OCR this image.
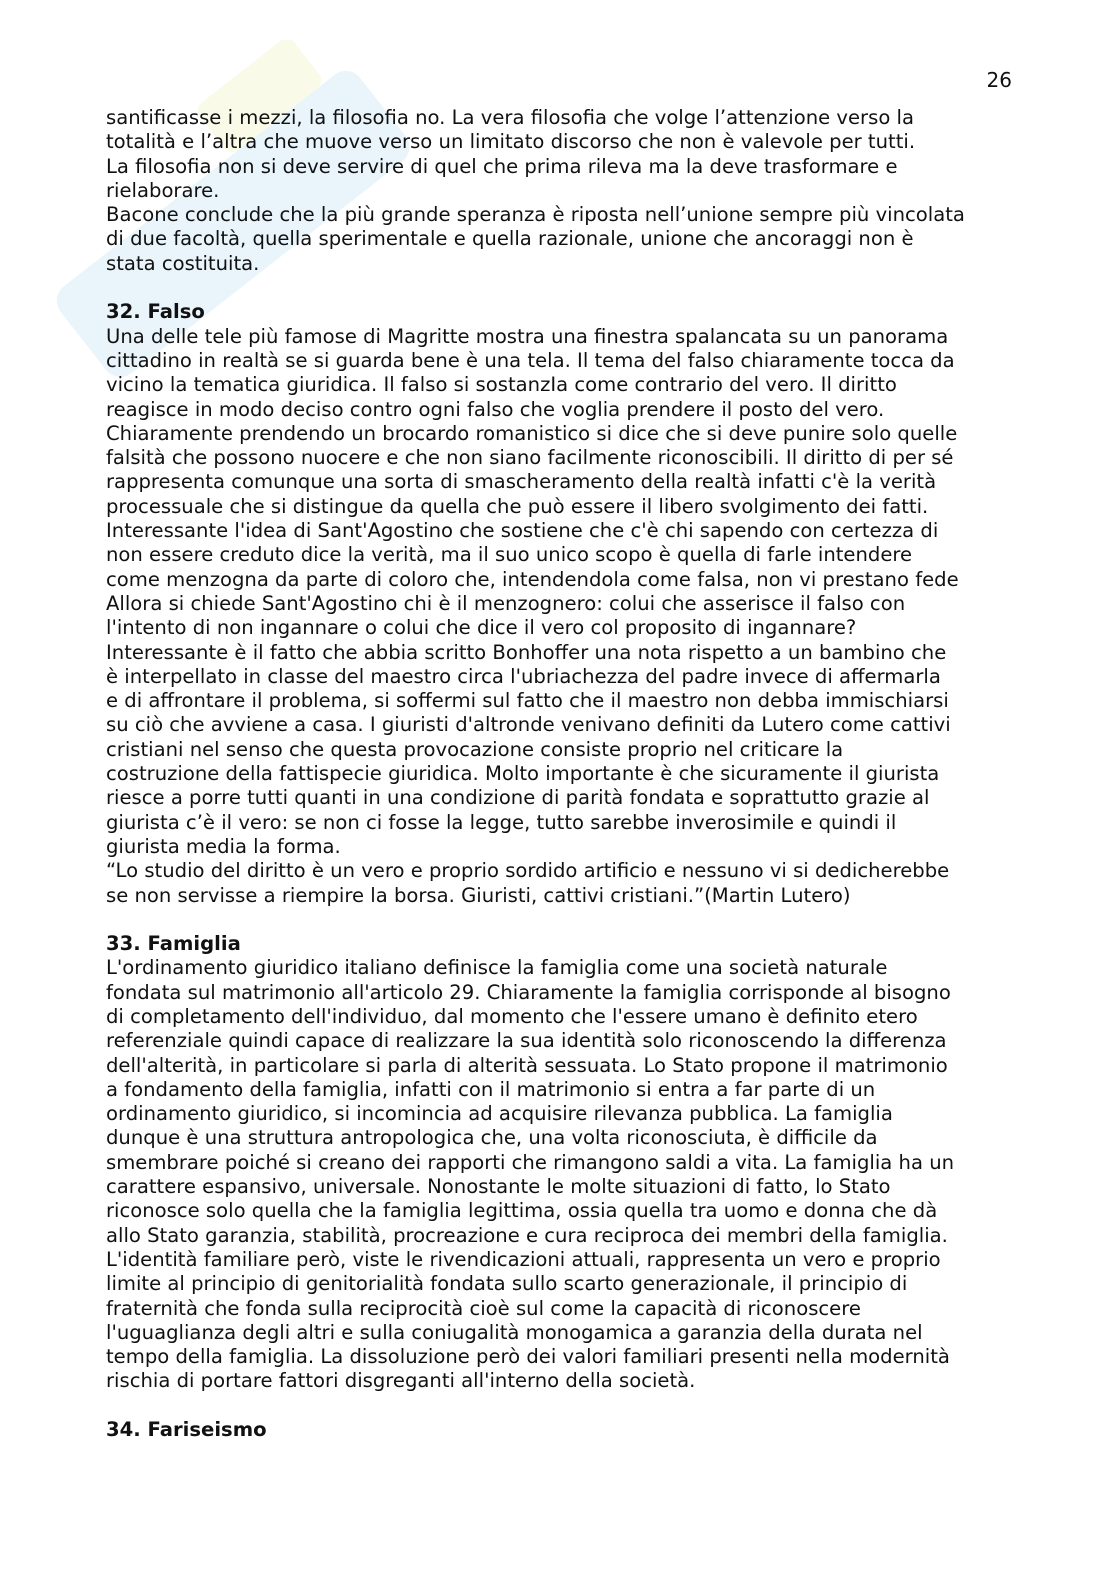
26

santificasse i mezzi, la filosofia no. La vera filosofia che volge l’attenzione verso la
totalità e l’altra che muove verso un limitato discorso che non è valevole per tutti.
La filosofia non si deve servire di quel che prima rileva ma la deve trasformare e
rielaborare.

Bacone conclude che la più grande speranza è riposta nell’unione sempre più vincolata
di due facoltà, quella sperimentale e quella razionale, unione che ancoraggi non è
stata costituita.

32. Falso

Una delle tele più famose di Magritte mostra una finestra spalancata su un panorama
cittadino in realtà se si guarda bene è una tela. Il tema del falso chiaramente tocca da
vicino la tematica giuridica. Il falso si sostanzIa come contrario del vero. Il diritto
reagisce in modo deciso contro ogni falso che voglia prendere il posto del vero.
Chiaramente prendendo un brocardo romanistico si dice che si deve punire solo quelle
falsità che possono nuocere e che non siano facilmente riconoscibili. Il diritto di per sé
rappresenta comunque una sorta di smascheramento della realtà infatti c'è la verità
processuale che si distingue da quella che può essere il libero svolgimento dei fatti.
Interessante l'idea di Sant'Agostino che sostiene che c'è chi sapendo con certezza di
non essere creduto dice la verità, ma il suo unico scopo è quella di farle intendere
come menzogna da parte di coloro che, intendendola come falsa, non vi prestano fede
Allora si chiede Sant'Agostino chi è il menzognero: colui che asserisce il falso con
l'intento di non ingannare o colui che dice il vero col proposito di ingannare?
Interessante è il fatto che abbia scritto Bonhoffer una nota rispetto a un bambino che
è interpellato in classe del maestro circa l'ubriachezza del padre invece di affermarla
e di affrontare il problema, si soffermi sul fatto che il maestro non debba immischiarsi
su ciò che avviene a casa. I giuristi d'altronde venivano definiti da Lutero come cattivi
cristiani nel senso che questa provocazione consiste proprio nel criticare la
costruzione della fattispecie giuridica. Molto importante è che sicuramente il giurista
riesce a porre tutti quanti in una condizione di parità fondata e soprattutto grazie al
giurista c’è il vero: se non ci fosse la legge, tutto sarebbe inverosimile e quindi il
giurista media la forma.

“Lo studio del diritto è un vero e proprio sordido artificio e nessuno vi si dedicherebbe
se non servisse a riempire la borsa. Giuristi, cattivi cristiani.”(Martin Lutero)

33. Famiglia

L'ordinamento giuridico italiano definisce la famiglia come una società naturale
fondata sul matrimonio all'articolo 29. Chiaramente la famiglia corrisponde al bisogno
di completamento dell'individuo, dal momento che l'essere umano è definito etero
referenziale quindi capace di realizzare la sua identità solo riconoscendo la differenza
dell'alterità, in particolare si parla di alterità sessuata. Lo Stato propone il matrimonio
a fondamento della famiglia, infatti con il matrimonio si entra a far parte di un
ordinamento giuridico, si incomincia ad acquisire rilevanza pubblica. La famiglia
dunque è una struttura antropologica che, una volta riconosciuta, è difficile da
smembrare poiché si creano dei rapporti che rimangono saldi a vita. La famiglia ha un
carattere espansivo, universale. Nonostante le molte situazioni di fatto, lo Stato
riconosce solo quella che la famiglia legittima, ossia quella tra uomo e donna che dà
allo Stato garanzia, stabilità, procreazione e cura reciproca dei membri della famiglia.
L'identità familiare però, viste le rivendicazioni attuali, rappresenta un vero e proprio
limite al principio di genitorialità fondata sullo scarto generazionale, il principio di
fraternità che fonda sulla reciprocità cioè sul come la capacità di riconoscere
l'uguaglianza degli altri e sulla coniugalità monogamica a garanzia della durata nel
tempo della famiglia. La dissoluzione però dei valori familiari presenti nella modernità
rischia di portare fattori disgreganti all'interno della società.

34. Fariseismo
